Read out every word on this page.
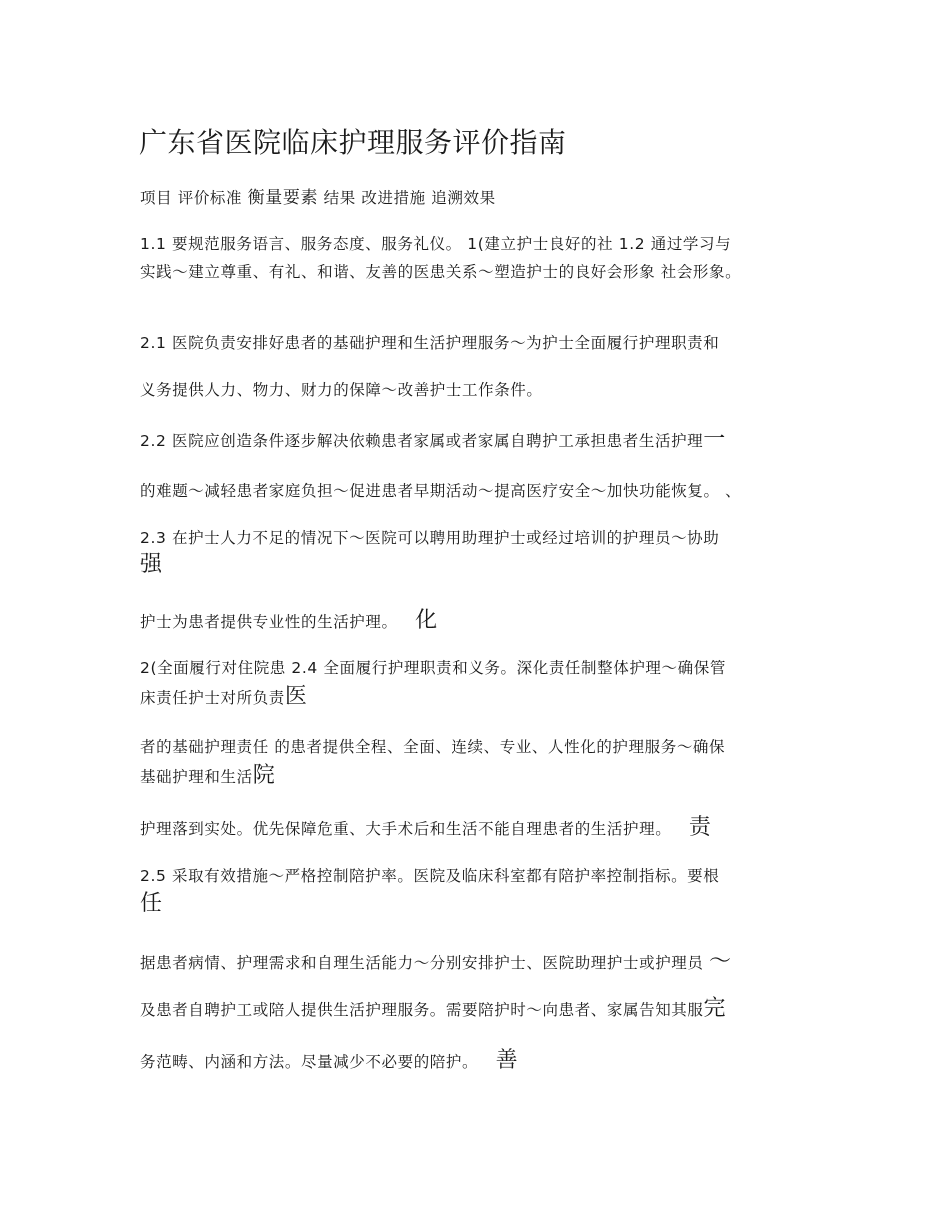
广东省医院临床护理服务评价指南
项目 评价标准 衡量要素 结果 改进措施 追溯效果
1.1 要规范服务语言、服务态度、服务礼仪。 1(建立护士良好的社 1.2 通过学习与
实践～建立尊重、有礼、和谐、友善的医患关系～塑造护士的良好会形象 社会形象。
2.1 医院负责安排好患者的基础护理和生活护理服务～为护士全面履行护理职责和
义务提供人力、物力、财力的保障～改善护士工作条件。
2.2 医院应创造条件逐步解决依赖患者家属或者家属自聘护工承担患者生活护理一
的难题～减轻患者家庭负担～促进患者早期活动～提高医疗安全～加快功能恢复。 、
2.3 在护士人力不足的情况下～医院可以聘用助理护士或经过培训的护理员～协助
强
护士为患者提供专业性的生活护理。 化
2(全面履行对住院患 2.4 全面履行护理职责和义务。深化责任制整体护理～确保管
床责任护士对所负责医
者的基础护理责任 的患者提供全程、全面、连续、专业、人性化的护理服务～确保
基础护理和生活院
护理落到实处。优先保障危重、大手术后和生活不能自理患者的生活护理。 责
2.5 采取有效措施～严格控制陪护率。医院及临床科室都有陪护率控制指标。要根
任
据患者病情、护理需求和自理生活能力～分别安排护士、医院助理护士或护理员 ～
及患者自聘护工或陪人提供生活护理服务。需要陪护时～向患者、家属告知其服完
务范畴、内涵和方法。尽量减少不必要的陪护。 善
